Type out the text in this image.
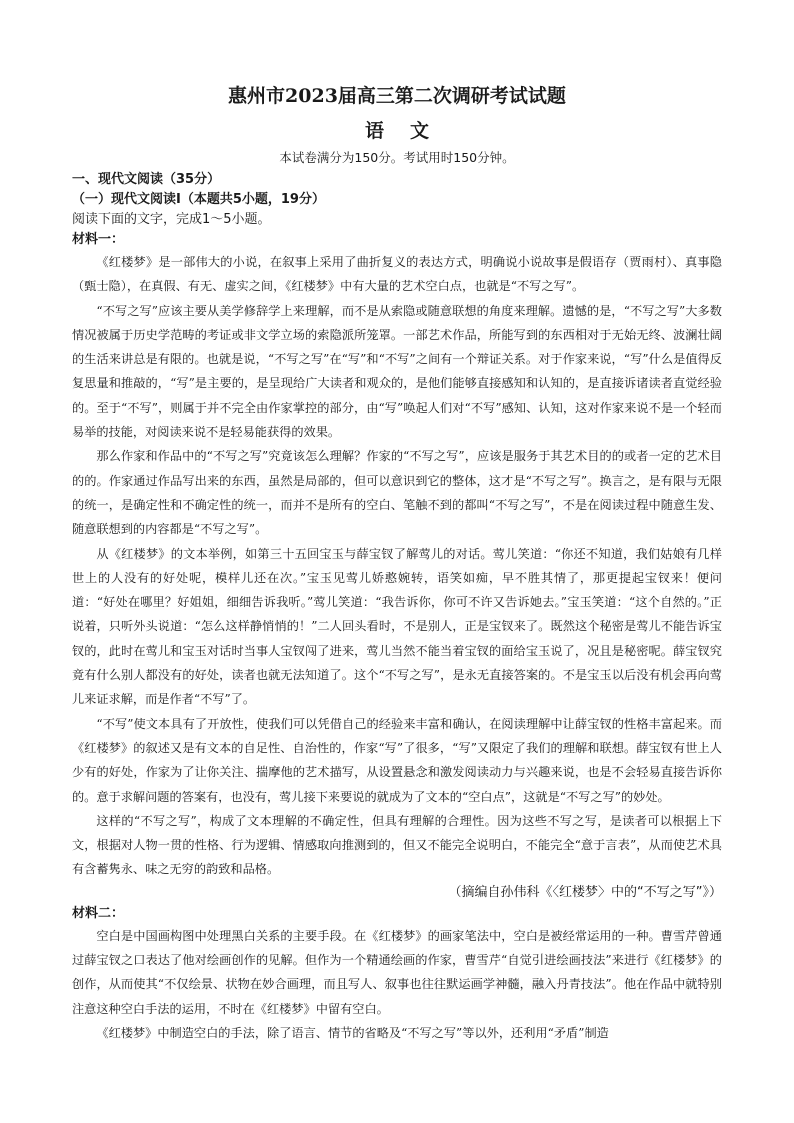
惠州市2023届高三第二次调研考试试题
语文
本试卷满分为150分。考试用时150分钟。
一、现代文阅读（35分）
（一）现代文阅读Ⅰ（本题共5小题，19分）
阅读下面的文字，完成1～5小题。
材料一：

《红楼梦》是一部伟大的小说，在叙事上采用了曲折复义的表达方式，明确说小说故事是假语存（贾雨村）、真事隐（甄士隐），在真假、有无、虚实之间，《红楼梦》中有大量的艺术空白点，也就是“不写之写”。

“不写之写”应该主要从美学修辞学上来理解，而不是从索隐或随意联想的角度来理解。遗憾的是，“不写之写”大多数情况被属于历史学范畴的考证或非文学立场的索隐派所笼罩。一部艺术作品，所能写到的东西相对于无始无终、波澜壮阔的生活来讲总是有限的。也就是说，“不写之写”在“写”和“不写”之间有一个辩证关系。对于作家来说，“写”什么是值得反复思量和推敲的，“写”是主要的，是呈现给广大读者和观众的，是他们能够直接感知和认知的，是直接诉诸读者直觉经验的。至于“不写”，则属于并不完全由作家掌控的部分，由“写”唤起人们对“不写”感知、认知，这对作家来说不是一个轻而易举的技能，对阅读来说不是轻易能获得的效果。

那么作家和作品中的“不写之写”究竟该怎么理解？作家的“不写之写”，应该是服务于其艺术目的的或者一定的艺术目的的。作家通过作品写出来的东西，虽然是局部的，但可以意识到它的整体，这才是“不写之写”。换言之，是有限与无限的统一，是确定性和不确定性的统一，而并不是所有的空白、笔触不到的都叫“不写之写”，不是在阅读过程中随意生发、随意联想到的内容都是“不写之写”。

从《红楼梦》的文本举例，如第三十五回宝玉与薛宝钗了解莺儿的对话。莺儿笑道：“你还不知道，我们姑娘有几样世上的人没有的好处呢，模样儿还在次。”宝玉见莺儿娇憨婉转，语笑如痴，早不胜其情了，那更提起宝钗来！便问道：“好处在哪里？好姐姐，细细告诉我听。”莺儿笑道：“我告诉你，你可不许又告诉她去。”宝玉笑道：“这个自然的。”正说着，只听外头说道：“怎么这样静悄悄的！”二人回头看时，不是别人，正是宝钗来了。既然这个秘密是莺儿不能告诉宝钗的，此时在莺儿和宝玉对话时当事人宝钗闯了进来，莺儿当然不能当着宝钗的面给宝玉说了，况且是秘密呢。薛宝钗究竟有什么别人都没有的好处，读者也就无法知道了。这个“不写之写”，是永无直接答案的。不是宝玉以后没有机会再向莺儿来证求解，而是作者“不写”了。

“不写”使文本具有了开放性，使我们可以凭借自己的经验来丰富和确认，在阅读理解中让薛宝钗的性格丰富起来。而《红楼梦》的叙述又是有文本的自足性、自治性的，作家“写”了很多，“写”又限定了我们的理解和联想。薛宝钗有世上人少有的好处，作家为了让你关注、揣摩他的艺术描写，从设置悬念和激发阅读动力与兴趣来说，也是不会轻易直接告诉你的。意于求解问题的答案有，也没有，莺儿接下来要说的就成为了文本的“空白点”，这就是“不写之写”的妙处。

这样的“不写之写”，构成了文本理解的不确定性，但具有理解的合理性。因为这些不写之写，是读者可以根据上下文，根据对人物一贯的性格、行为逻辑、情感取向推测到的，但又不能完全说明白，不能完全“意于言表”，从而使艺术具有含蓄隽永、味之无穷的韵致和品格。

（摘编自孙伟科《〈红楼梦〉中的“不写之写”》）
材料二：

空白是中国画构图中处理黑白关系的主要手段。在《红楼梦》的画家笔法中，空白是被经常运用的一种。曹雪芹曾通过薛宝钗之口表达了他对绘画创作的见解。但作为一个精通绘画的作家，曹雪芹“自觉引进绘画技法”来进行《红楼梦》的创作，从而使其“不仅绘景、状物在妙合画理，而且写人、叙事也往往默运画学神髓，融入丹青技法”。他在作品中就特别注意这种空白手法的运用，不时在《红楼梦》中留有空白。

《红楼梦》中制造空白的手法，除了语言、情节的省略及“不写之写”等以外，还利用“矛盾”制造
